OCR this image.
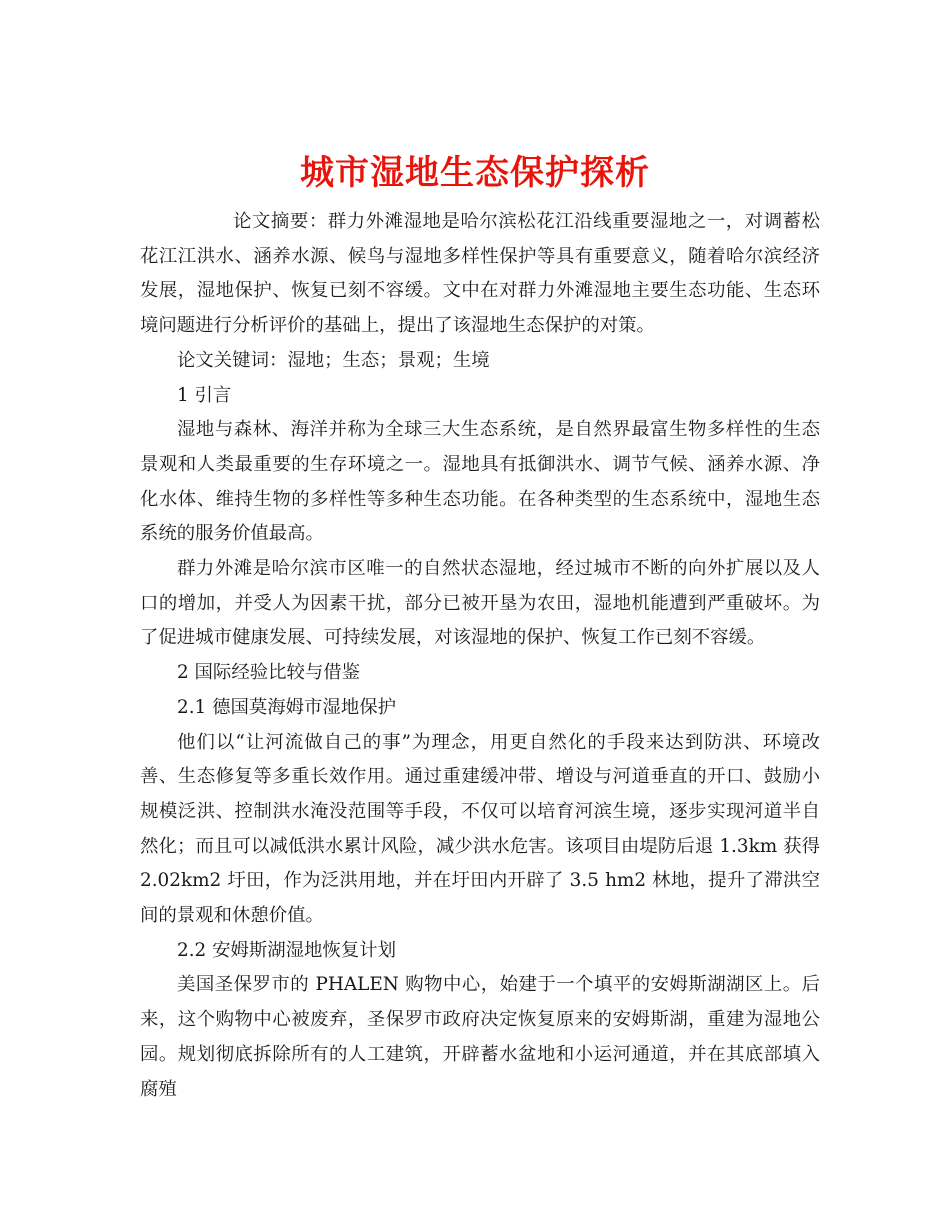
城市湿地生态保护探析

论文摘要：群力外滩湿地是哈尔滨松花江沿线重要湿地之一，对调蓄松花江江洪水、涵养水源、候鸟与湿地多样性保护等具有重要意义，随着哈尔滨经济发展，湿地保护、恢复已刻不容缓。文中在对群力外滩湿地主要生态功能、生态环境问题进行分析评价的基础上，提出了该湿地生态保护的对策。

论文关键词：湿地；生态；景观；生境

1 引言

湿地与森林、海洋并称为全球三大生态系统，是自然界最富生物多样性的生态景观和人类最重要的生存环境之一。湿地具有抵御洪水、调节气候、涵养水源、净化水体、维持生物的多样性等多种生态功能。在各种类型的生态系统中，湿地生态系统的服务价值最高。

群力外滩是哈尔滨市区唯一的自然状态湿地，经过城市不断的向外扩展以及人口的增加，并受人为因素干扰，部分已被开垦为农田，湿地机能遭到严重破坏。为了促进城市健康发展、可持续发展，对该湿地的保护、恢复工作已刻不容缓。

2 国际经验比较与借鉴

2.1 德国莫海姆市湿地保护

他们以“让河流做自己的事”为理念，用更自然化的手段来达到防洪、环境改善、生态修复等多重长效作用。通过重建缓冲带、增设与河道垂直的开口、鼓励小规模泛洪、控制洪水淹没范围等手段，不仅可以培育河滨生境，逐步实现河道半自然化；而且可以减低洪水累计风险，减少洪水危害。该项目由堤防后退 1.3km 获得 2.02km2 圩田，作为泛洪用地，并在圩田内开辟了 3.5 hm2 林地，提升了滞洪空间的景观和休憩价值。

2.2 安姆斯湖湿地恢复计划

美国圣保罗市的 PHALEN 购物中心，始建于一个填平的安姆斯湖湖区上。后来，这个购物中心被废弃，圣保罗市政府决定恢复原来的安姆斯湖，重建为湿地公园。规划彻底拆除所有的人工建筑，开辟蓄水盆地和小运河通道，并在其底部填入腐殖
